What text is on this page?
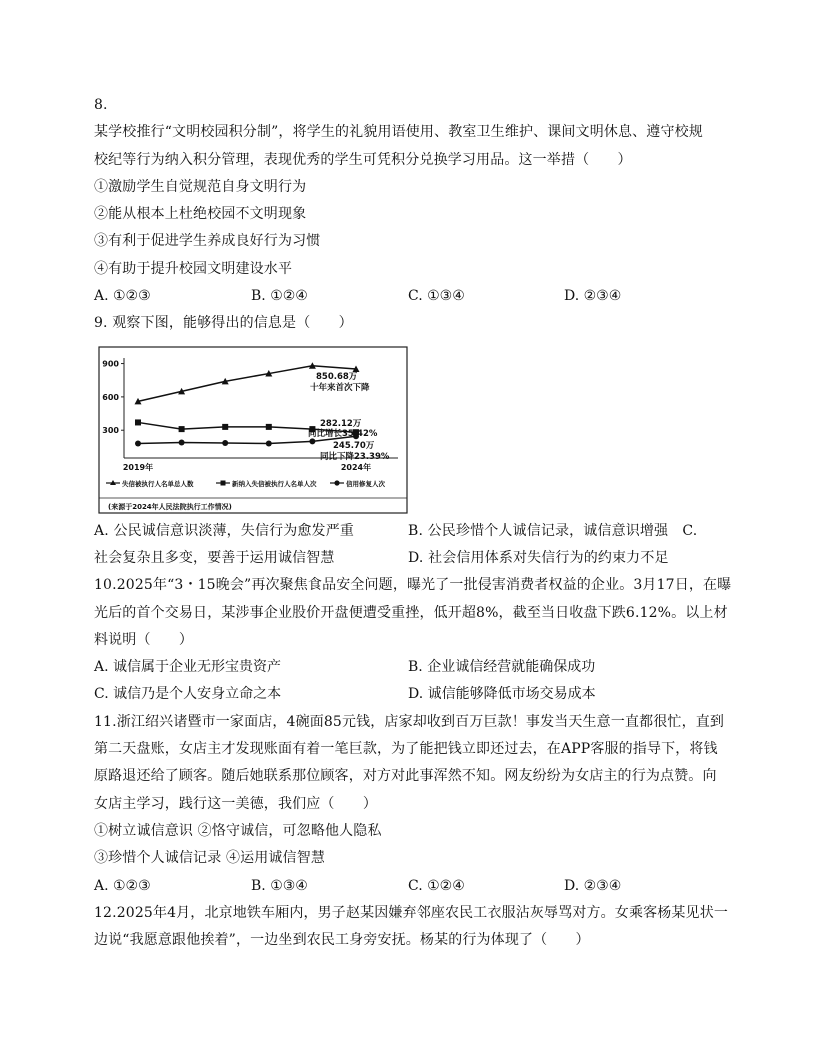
8.
某学校推行“文明校园积分制”，将学生的礼貌用语使用、教室卫生维护、课间文明休息、遵守校规
校纪等行为纳入积分管理，表现优秀的学生可凭积分兑换学习用品。这一举措（　　）
①激励学生自觉规范自身文明行为
②能从根本上杜绝校园不文明现象
③有利于促进学生养成良好行为习惯
④有助于提升校园文明建设水平
A. ①②③	B. ①②④	C. ①③④	D. ②③④
9. 观察下图，能够得出的信息是（　　）
900
600
300
2019年	2024年
850.68万
十年来首次下降
282.12万
同比增长35.42%
245.70万
同比下降23.39%
失信被执行人名单总人数	新纳入失信被执行人名单人次	信用修复人次
(来源于2024年人民法院执行工作情况)
A. 公民诚信意识淡薄，失信行为愈发严重	B. 公民珍惜个人诚信记录，诚信意识增强　C.
社会复杂且多变，要善于运用诚信智慧	D. 社会信用体系对失信行为的约束力不足
10.2025年“3・15晚会”再次聚焦食品安全问题，曝光了一批侵害消费者权益的企业。3月17日，在曝
光后的首个交易日，某涉事企业股价开盘便遭受重挫，低开超8%，截至当日收盘下跌6.12%。以上材
料说明（　　）
A. 诚信属于企业无形宝贵资产	B. 企业诚信经营就能确保成功
C. 诚信乃是个人安身立命之本	D. 诚信能够降低市场交易成本
11.浙江绍兴诸暨市一家面店，4碗面85元钱，店家却收到百万巨款！事发当天生意一直都很忙，直到
第二天盘账，女店主才发现账面有着一笔巨款，为了能把钱立即还过去，在APP客服的指导下，将钱
原路退还给了顾客。随后她联系那位顾客，对方对此事浑然不知。网友纷纷为女店主的行为点赞。向
女店主学习，践行这一美德，我们应（　　）
①树立诚信意识 ②恪守诚信，可忽略他人隐私
③珍惜个人诚信记录 ④运用诚信智慧
A. ①②③	B. ①③④	C. ①②④	D. ②③④
12.2025年4月，北京地铁车厢内，男子赵某因嫌弃邻座农民工衣服沾灰辱骂对方。女乘客杨某见状一
边说“我愿意跟他挨着”，一边坐到农民工身旁安抚。杨某的行为体现了（　　）
